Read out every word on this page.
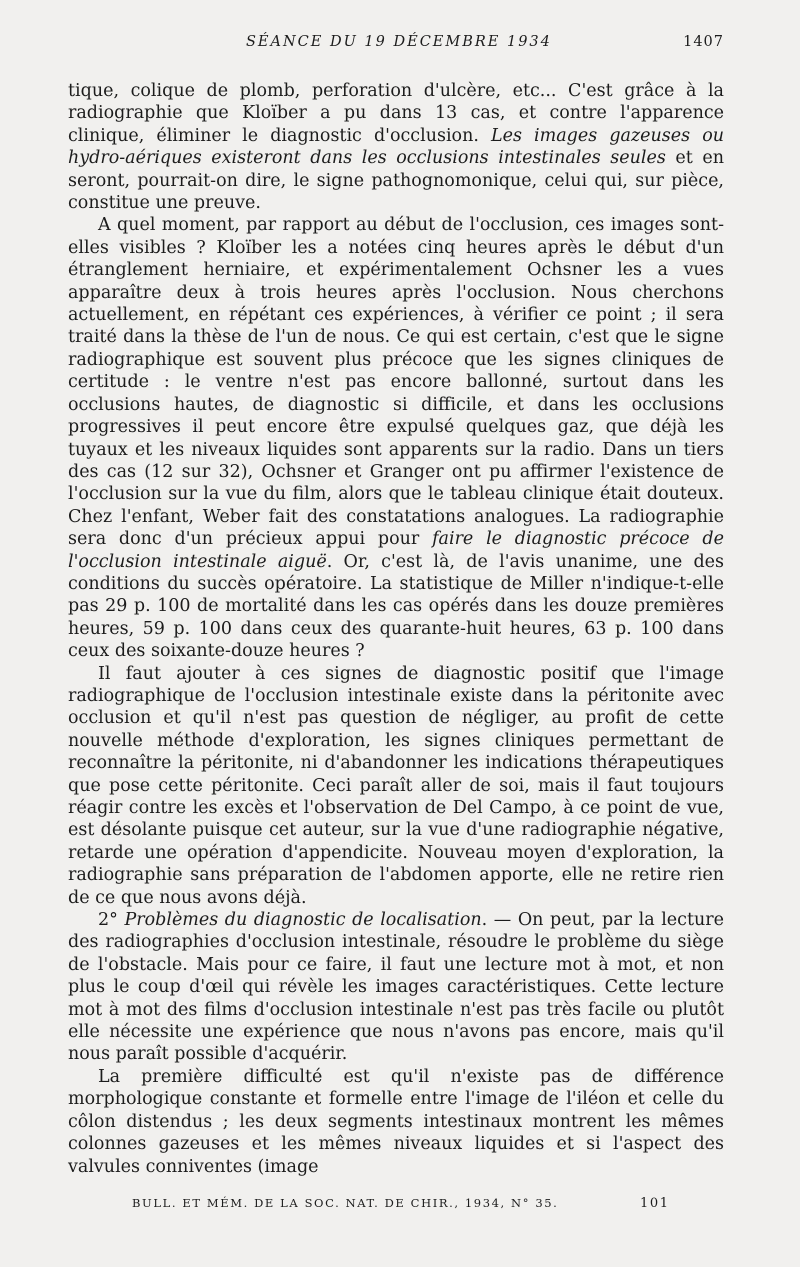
SÉANCE DU 19 DÉCEMBRE 1934	1407

tique, colique de plomb, perforation d'ulcère, etc... C'est grâce à la radiographie que Kloïber a pu dans 13 cas, et contre l'apparence clinique, éliminer le diagnostic d'occlusion. Les images gazeuses ou hydro-aériques existeront dans les occlusions intestinales seules et en seront, pourrait-on dire, le signe pathognomonique, celui qui, sur pièce, constitue une preuve.

A quel moment, par rapport au début de l'occlusion, ces images sont-elles visibles ? Kloïber les a notées cinq heures après le début d'un étranglement herniaire, et expérimentalement Ochsner les a vues apparaître deux à trois heures après l'occlusion. Nous cherchons actuellement, en répétant ces expériences, à vérifier ce point ; il sera traité dans la thèse de l'un de nous. Ce qui est certain, c'est que le signe radiographique est souvent plus précoce que les signes cliniques de certitude : le ventre n'est pas encore ballonné, surtout dans les occlusions hautes, de diagnostic si difficile, et dans les occlusions progressives il peut encore être expulsé quelques gaz, que déjà les tuyaux et les niveaux liquides sont apparents sur la radio. Dans un tiers des cas (12 sur 32), Ochsner et Granger ont pu affirmer l'existence de l'occlusion sur la vue du film, alors que le tableau clinique était douteux. Chez l'enfant, Weber fait des constatations analogues. La radiographie sera donc d'un précieux appui pour faire le diagnostic précoce de l'occlusion intestinale aiguë. Or, c'est là, de l'avis unanime, une des conditions du succès opératoire. La statistique de Miller n'indique-t-elle pas 29 p. 100 de mortalité dans les cas opérés dans les douze premières heures, 59 p. 100 dans ceux des quarante-huit heures, 63 p. 100 dans ceux des soixante-douze heures ?

Il faut ajouter à ces signes de diagnostic positif que l'image radiographique de l'occlusion intestinale existe dans la péritonite avec occlusion et qu'il n'est pas question de négliger, au profit de cette nouvelle méthode d'exploration, les signes cliniques permettant de reconnaître la péritonite, ni d'abandonner les indications thérapeutiques que pose cette péritonite. Ceci paraît aller de soi, mais il faut toujours réagir contre les excès et l'observation de Del Campo, à ce point de vue, est désolante puisque cet auteur, sur la vue d'une radiographie négative, retarde une opération d'appendicite. Nouveau moyen d'exploration, la radiographie sans préparation de l'abdomen apporte, elle ne retire rien de ce que nous avons déjà.

2° Problèmes du diagnostic de localisation. — On peut, par la lecture des radiographies d'occlusion intestinale, résoudre le problème du siège de l'obstacle. Mais pour ce faire, il faut une lecture mot à mot, et non plus le coup d'œil qui révèle les images caractéristiques. Cette lecture mot à mot des films d'occlusion intestinale n'est pas très facile ou plutôt elle nécessite une expérience que nous n'avons pas encore, mais qu'il nous paraît possible d'acquérir.

La première difficulté est qu'il n'existe pas de différence morphologique constante et formelle entre l'image de l'iléon et celle du côlon distendus ; les deux segments intestinaux montrent les mêmes colonnes gazeuses et les mêmes niveaux liquides et si l'aspect des valvules conniventes (image

BULL. ET MÉM. DE LA SOC. NAT. DE CHIR., 1934, N° 35.	101
